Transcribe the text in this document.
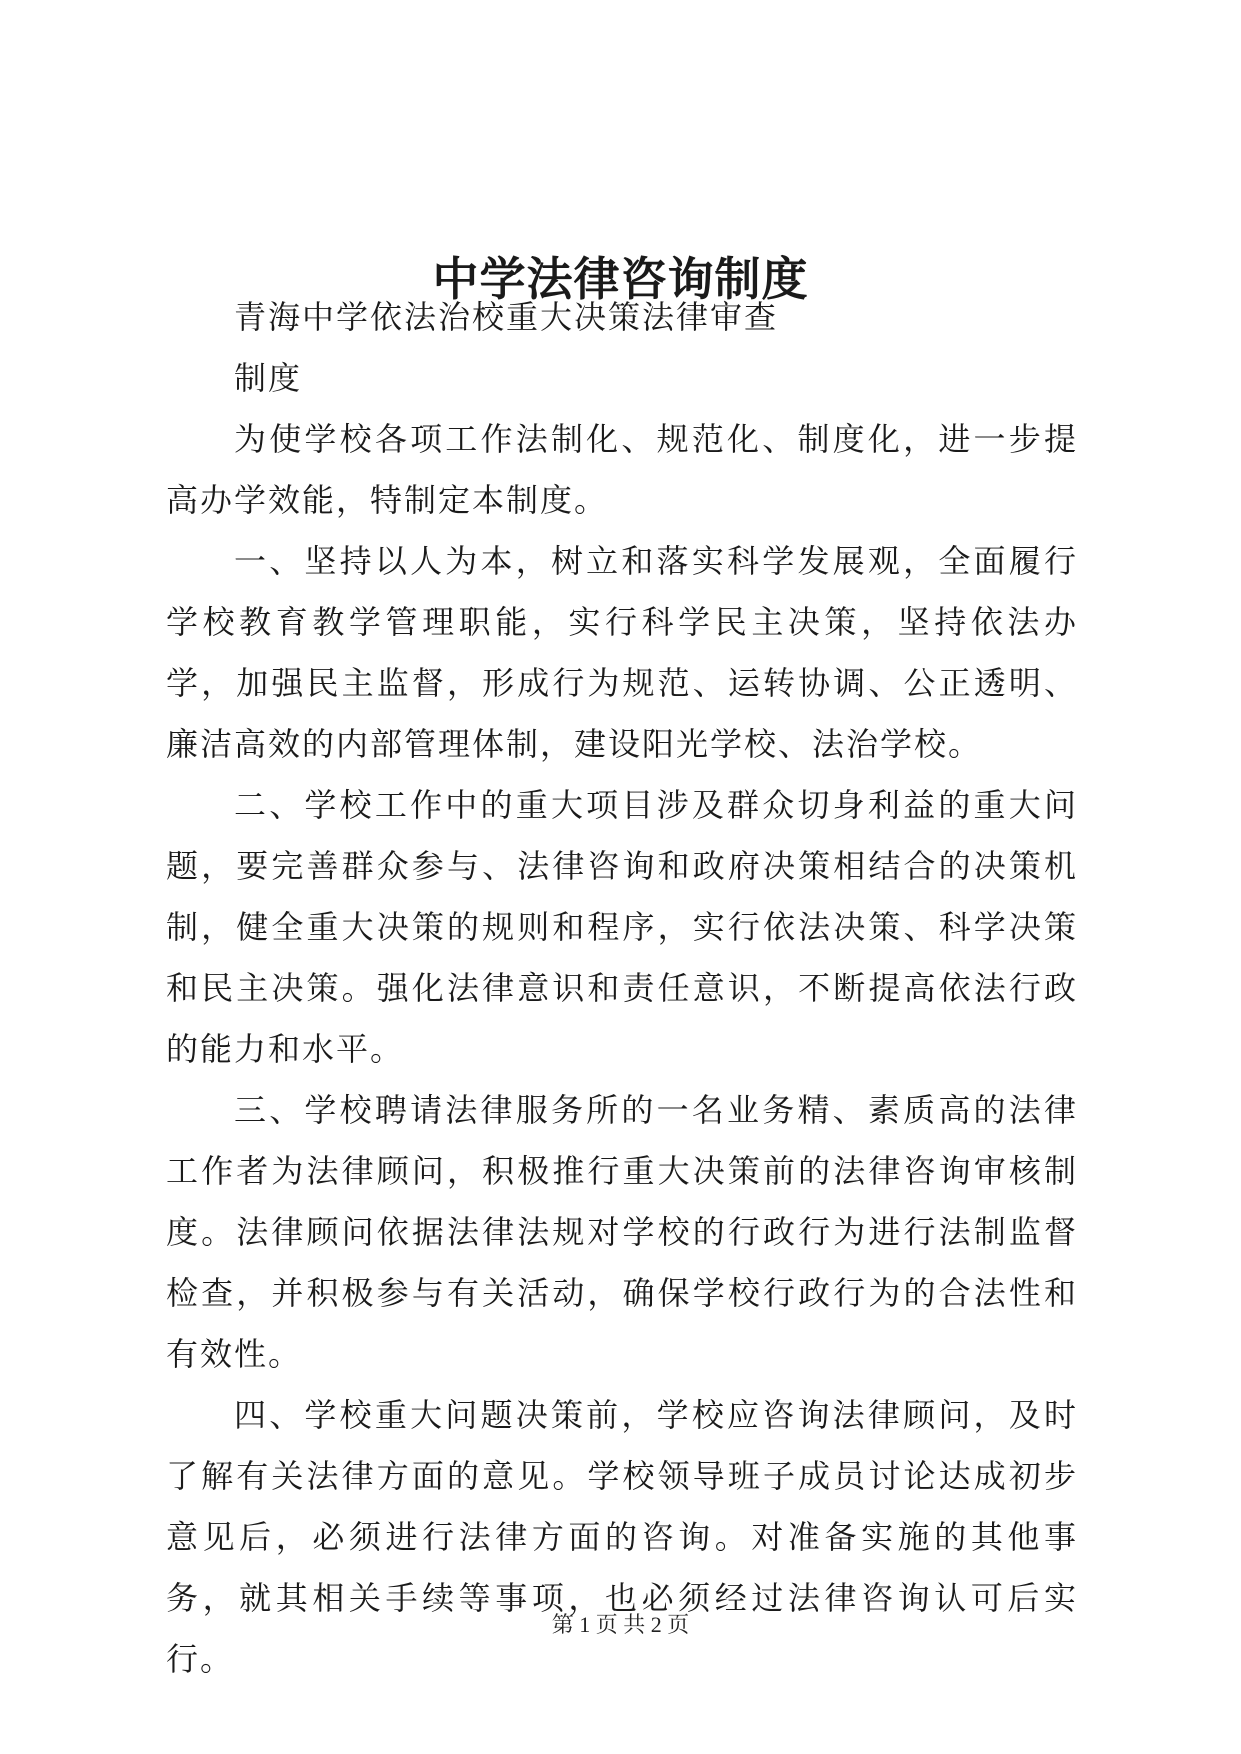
中学法律咨询制度

青海中学依法治校重大决策法律审查

制度

为使学校各项工作法制化、规范化、制度化，进一步提高办学效能，特制定本制度。

一、坚持以人为本，树立和落实科学发展观，全面履行学校教育教学管理职能，实行科学民主决策，坚持依法办学，加强民主监督，形成行为规范、运转协调、公正透明、廉洁高效的内部管理体制，建设阳光学校、法治学校。

二、学校工作中的重大项目涉及群众切身利益的重大问题，要完善群众参与、法律咨询和政府决策相结合的决策机制，健全重大决策的规则和程序，实行依法决策、科学决策和民主决策。强化法律意识和责任意识，不断提高依法行政的能力和水平。

三、学校聘请法律服务所的一名业务精、素质高的法律工作者为法律顾问，积极推行重大决策前的法律咨询审核制度。法律顾问依据法律法规对学校的行政行为进行法制监督检查，并积极参与有关活动，确保学校行政行为的合法性和有效性。

四、学校重大问题决策前，学校应咨询法律顾问，及时了解有关法律方面的意见。学校领导班子成员讨论达成初步意见后，必须进行法律方面的咨询。对准备实施的其他事务，就其相关手续等事项，也必须经过法律咨询认可后实行。

第 1 页 共 2 页
